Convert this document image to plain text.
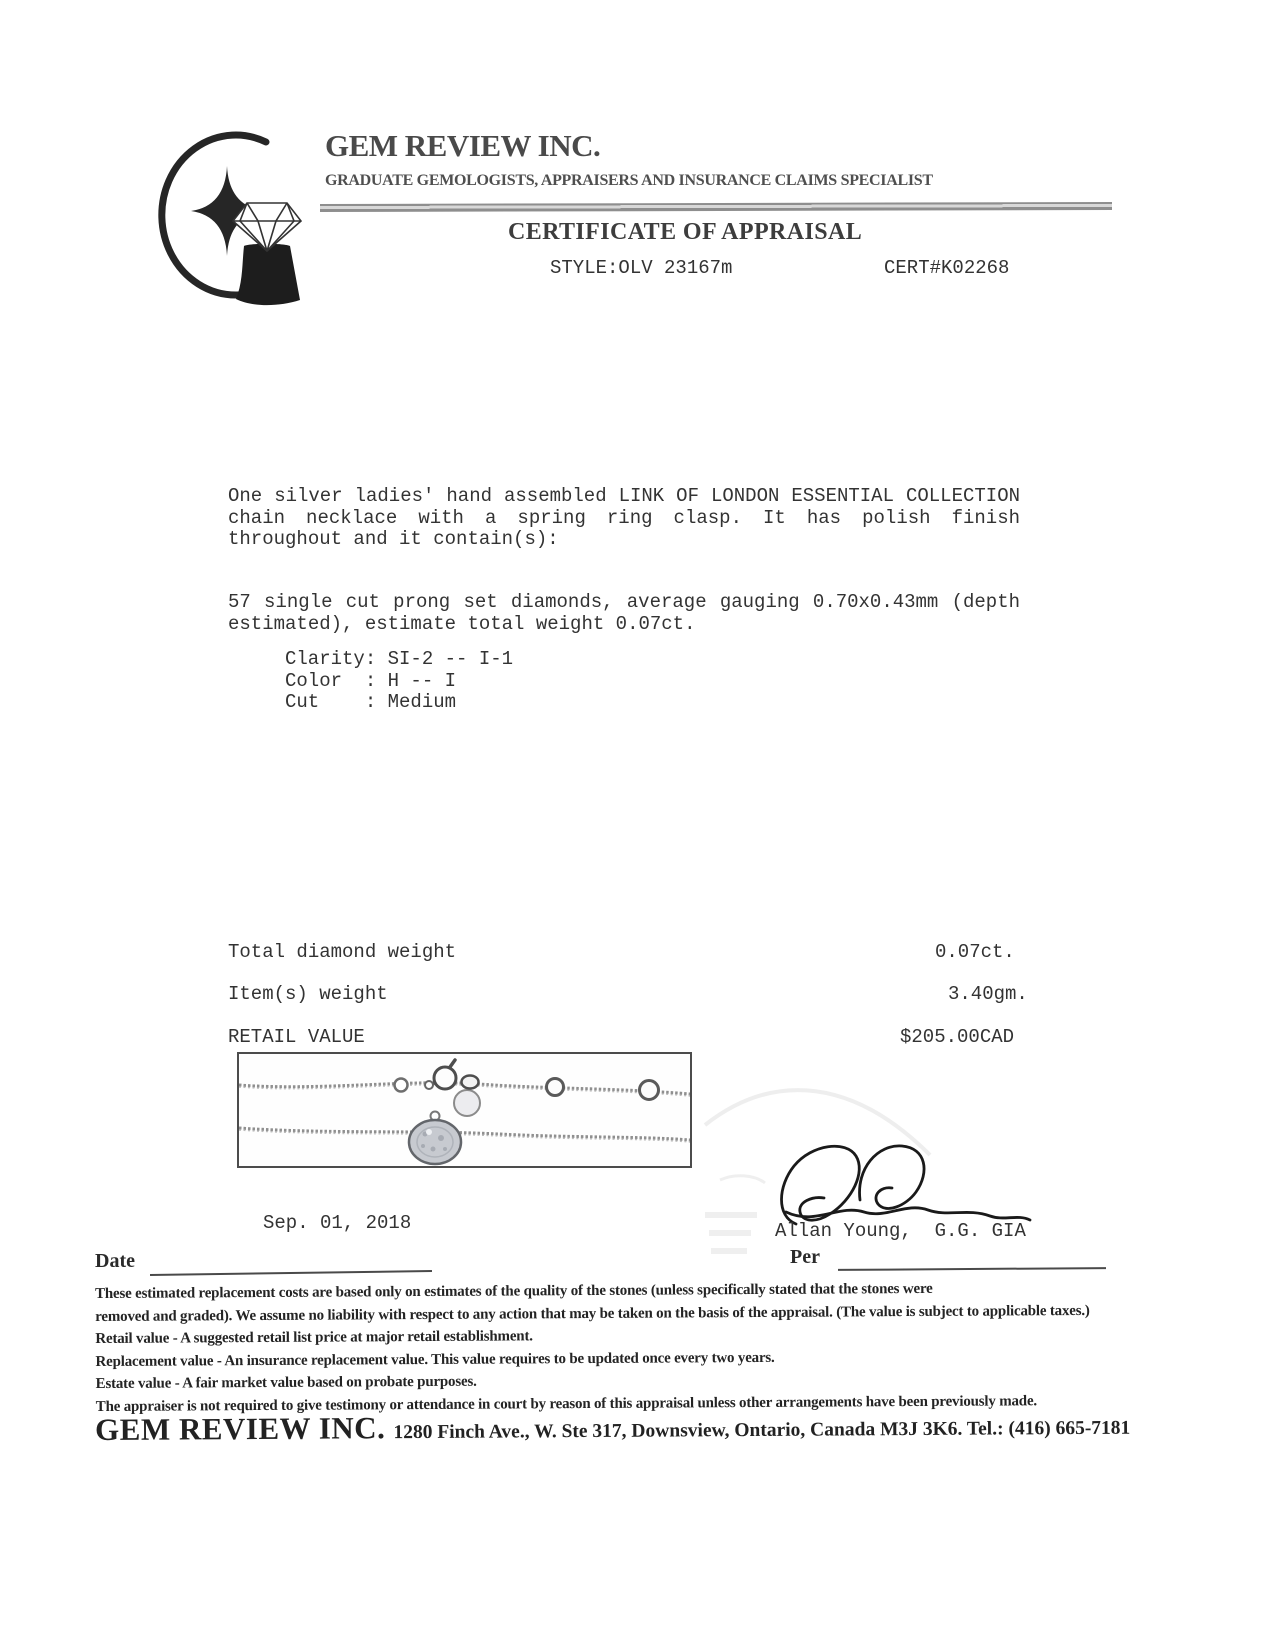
GEM REVIEW INC.
GRADUATE GEMOLOGISTS, APPRAISERS AND INSURANCE CLAIMS SPECIALIST
CERTIFICATE OF APPRAISAL
STYLE:OLV 23167m	CERT#K02268
One silver ladies' hand assembled LINK OF LONDON ESSENTIAL COLLECTION chain necklace with a spring ring clasp. It has polish finish throughout and it contain(s):
57 single cut prong set diamonds, average gauging 0.70x0.43mm (depth estimated), estimate total weight 0.07ct.
Clarity: SI-2 -- I-1
Color  : H -- I
Cut    : Medium
Total diamond weight	0.07ct.
Item(s) weight	3.40gm.
RETAIL VALUE	$205.00CAD
Sep. 01, 2018	Allan Young,  G.G. GIA
Date	Per
These estimated replacement costs are based only on estimates of the quality of the stones (unless specifically stated that the stones were
removed and graded). We assume no liability with respect to any action that may be taken on the basis of the appraisal. (The value is subject to applicable taxes.)
Retail value - A suggested retail list price at major retail establishment.
Replacement value - An insurance replacement value. This value requires to be updated once every two years.
Estate value - A fair market value based on probate purposes.
The appraiser is not required to give testimony or attendance in court by reason of this appraisal unless other arrangements have been previously made.
GEM REVIEW INC. 1280 Finch Ave., W. Ste 317, Downsview, Ontario, Canada M3J 3K6. Tel.: (416) 665-7181
